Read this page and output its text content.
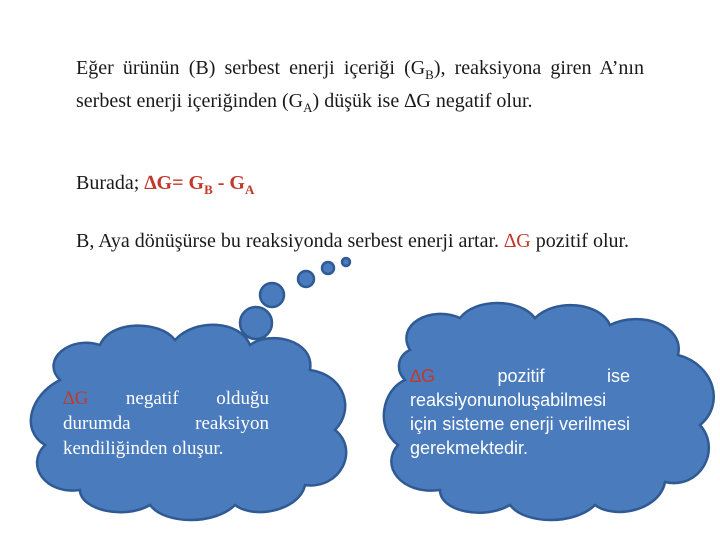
Eğer ürünün (B) serbest enerji içeriği $(G_B)$, reaksiyona giren A’nın serbest enerji içeriğinden $(G_A)$ düşük ise ∆G negatif olur.
Burada; $\Delta G= G_B - G_A$
B, Aya dönüşürse bu reaksiyonda serbest enerji artar. ∆G pozitif olur.
∆G negatif olduğu durumda reaksiyon kendiliğinden oluşur.
∆G pozitif ise reaksiyonunoluşabilmesi için sisteme enerji verilmesi gerekmektedir.
